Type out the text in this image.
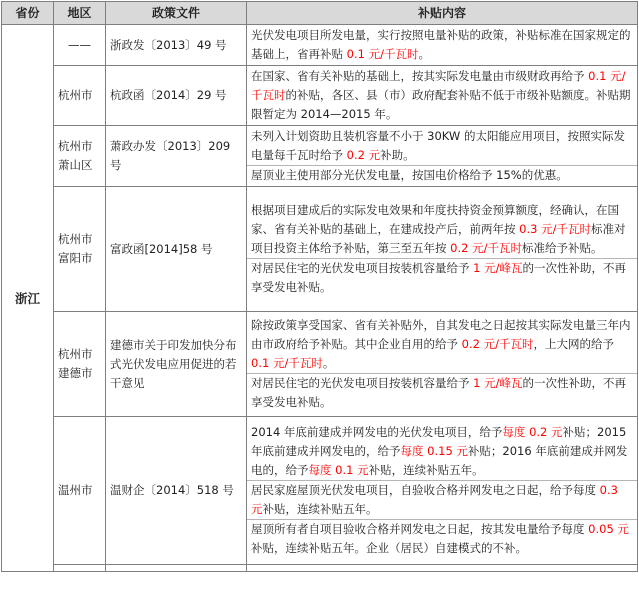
省份	地区	政策文件	补贴内容
浙江	——	浙政发〔2013〕49 号	光伏发电项目所发电量，实行按照电量补贴的政策，补贴标准在国家规定的基础上，省再补贴 0.1 元/千瓦时。

	杭州市	杭政函〔2014〕29 号	在国家、省有关补贴的基础上，按其实际发电量由市级财政再给予 0.1 元/千瓦时的补贴，各区、县（市）政府配套补贴不低于市级补贴额度。补贴期限暂定为 2014—2015 年。

	杭州市萧山区	萧政办发〔2013〕209 号	未列入计划资助且装机容量不小于 30KW 的太阳能应用项目，按照实际发电量每千瓦时给予 0.2 元补助。
屋顶业主使用部分光伏发电量，按国电价格给予 15%的优惠。

	杭州市富阳市	富政函[2014]58 号	根据项目建成后的实际发电效果和年度扶持资金预算额度，经确认，在国家、省有关补贴的基础上，在建成投产后，前两年按 0.3 元/千瓦时标准对项目投资主体给予补贴，第三至五年按 0.2 元/千瓦时标准给予补贴。
对居民住宅的光伏发电项目按装机容量给予 1 元/峰瓦的一次性补助，不再享受发电补贴。

	杭州市建德市	建德市关于印发加快分布式光伏发电应用促进的若干意见	除按政策享受国家、省有关补贴外，自其发电之日起按其实际发电量三年内由市政府给予补贴。其中企业自用的给予 0.2 元/千瓦时，上大网的给予 0.1 元/千瓦时。
对居民住宅的光伏发电项目按装机容量给予 1 元/峰瓦的一次性补助，不再享受发电补贴。

	温州市	温财企〔2014〕518 号	2014 年底前建成并网发电的光伏发电项目，给予每度 0.2 元补贴；2015 年底前建成并网发电的，给予每度 0.15 元补贴；2016 年底前建成并网发电的，给予每度 0.1 元补贴，连续补贴五年。
居民家庭屋顶光伏发电项目，自验收合格并网发电之日起，给予每度 0.3 元补贴，连续补贴五年。
屋顶所有者自项目验收合格并网发电之日起，按其发电量给予每度 0.05 元补贴，连续补贴五年。企业（居民）自建模式的不补。
